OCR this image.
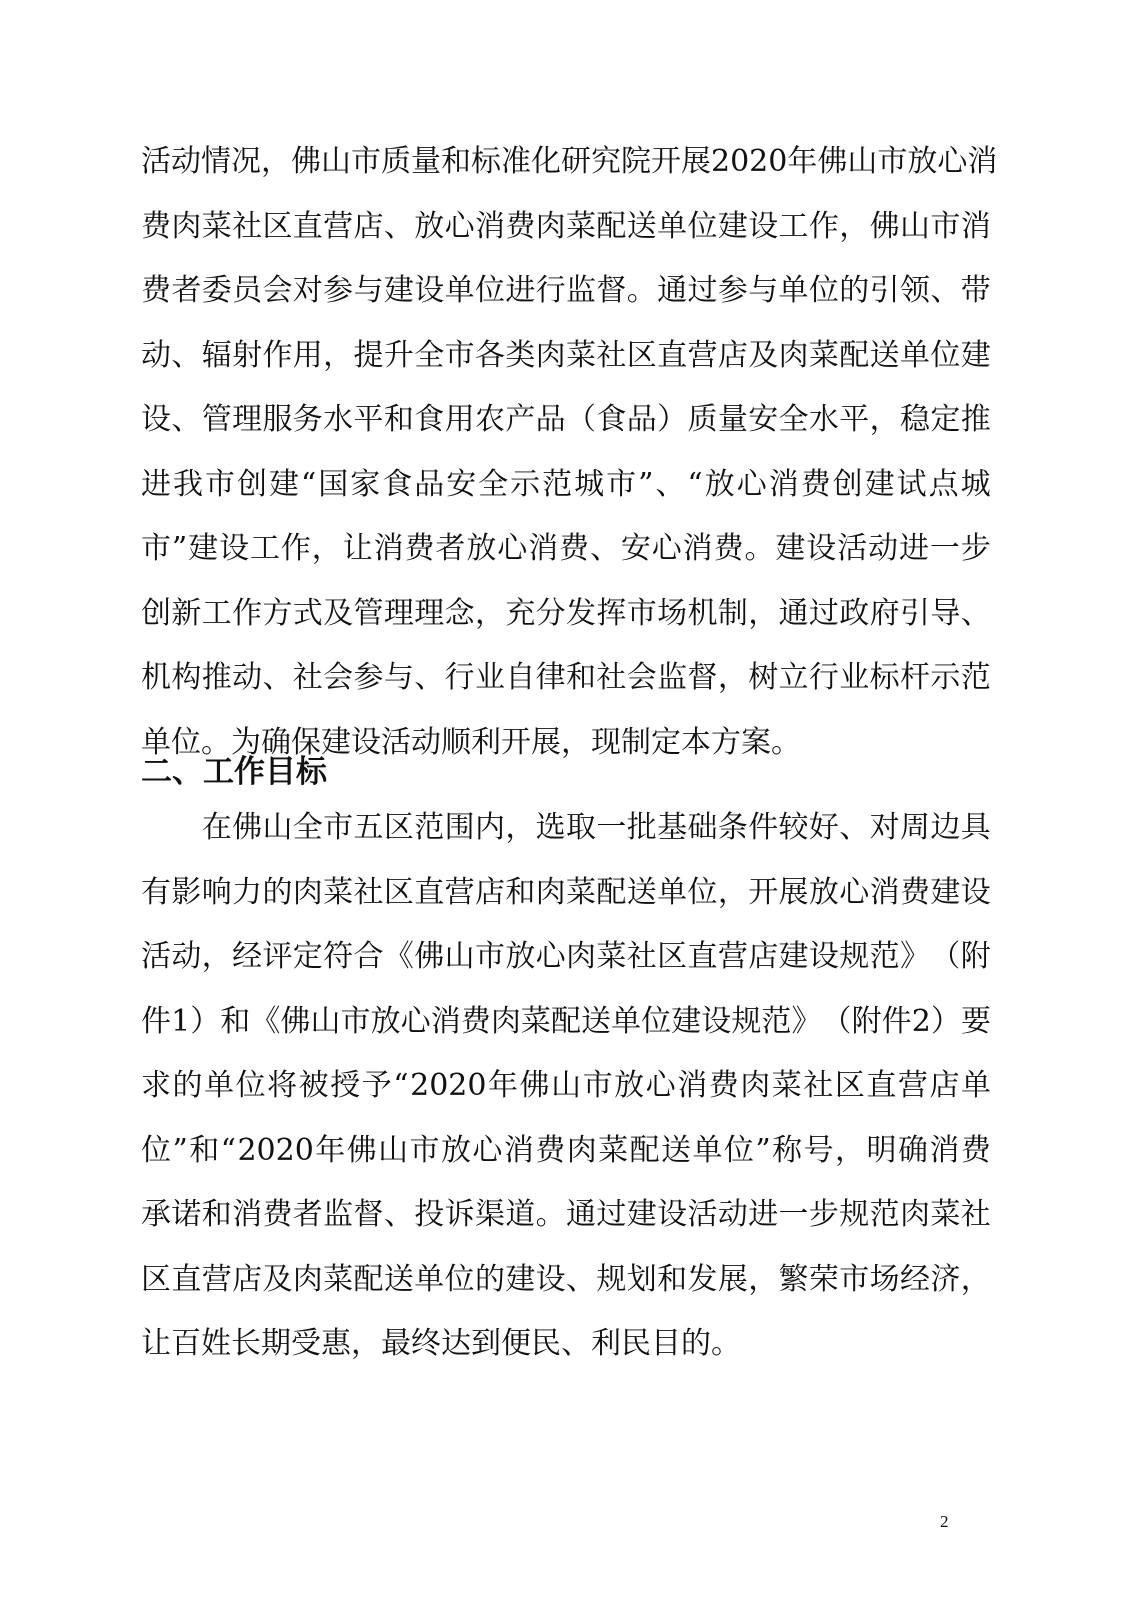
活 动 情 况 ， 佛 山 市 质 量 和 标 准 化 研 究 院 开 展 2020 年 佛 山 市 放 心 消
费 肉 菜 社 区 直 营 店 、 放 心 消 费 肉 菜 配 送 单 位 建 设 工 作 ， 佛 山 市 消
费 者 委 员 会 对 参 与 建 设 单 位 进 行 监 督 。 通 过 参 与 单 位 的 引 领 、 带
动 、 辐 射 作 用 ， 提 升 全 市 各 类 肉 菜 社 区 直 营 店 及 肉 菜 配 送 单 位 建
设 、 管 理 服 务 水 平 和 食 用 农 产 品 （ 食 品 ） 质 量 安 全 水 平 ， 稳 定 推
进 我 市 创 建 “ 国 家 食 品 安 全 示 范 城 市 ” 、 “ 放 心 消 费 创 建 试 点 城
市 ” 建 设 工 作 ， 让 消 费 者 放 心 消 费 、 安 心 消 费 。 建 设 活 动 进 一 步
创 新 工 作 方 式 及 管 理 理 念 ， 充 分 发 挥 市 场 机 制 ， 通 过 政 府 引 导 、
机 构 推 动 、 社 会 参 与 、 行 业 自 律 和 社 会 监 督 ， 树 立 行 业 标 杆 示 范
单位。为确保建设活动顺利开展，现制定本方案。
二、工作目标

在 佛 山 全 市 五 区 范 围 内 ， 选 取 一 批 基 础 条 件 较 好 、 对 周 边 具
有 影 响 力 的 肉 菜 社 区 直 营 店 和 肉 菜 配 送 单 位 ， 开 展 放 心 消 费 建 设
活 动 ， 经 评 定 符 合 《 佛 山 市 放 心 肉 菜 社 区 直 营 店 建 设 规 范 》 （ 附
件 1 ） 和 《 佛 山 市 放 心 消 费 肉 菜 配 送 单 位 建 设 规 范 》 （ 附 件 2 ） 要
求 的 单 位 将 被 授 予 “ 2020 年 佛 山 市 放 心 消 费 肉 菜 社 区 直 营 店 单
位 ” 和 “ 2020 年 佛 山 市 放 心 消 费 肉 菜 配 送 单 位 ” 称 号 ， 明 确 消 费
承 诺 和 消 费 者 监 督 、 投 诉 渠 道 。 通 过 建 设 活 动 进 一 步 规 范 肉 菜 社
区 直 营 店 及 肉 菜 配 送 单 位 的 建 设 、 规 划 和 发 展 ， 繁 荣 市 场 经 济 ，
让百姓长期受惠，最终达到便民、利民目的。
2
